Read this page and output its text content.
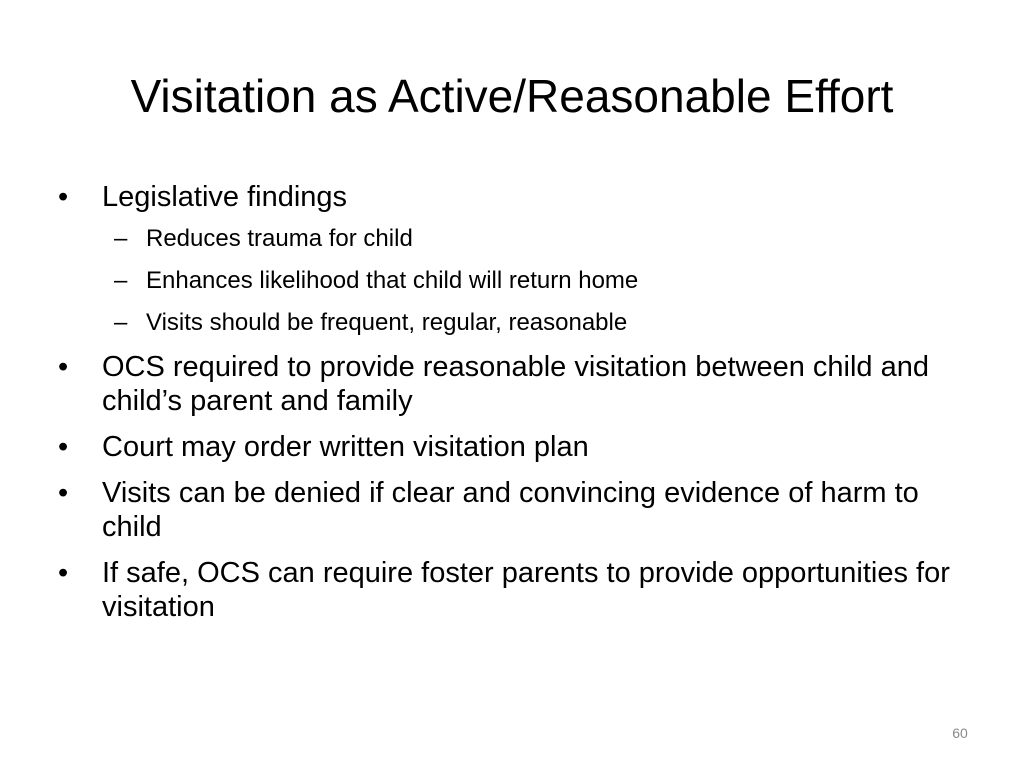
Visitation as Active/Reasonable Effort
• Legislative findings
– Reduces trauma for child
– Enhances likelihood that child will return home
– Visits should be frequent, regular, reasonable
• OCS required to provide reasonable visitation between child and child’s parent and family
• Court may order written visitation plan
• Visits can be denied if clear and convincing evidence of harm to child
• If safe, OCS can require foster parents to provide opportunities for visitation

60
